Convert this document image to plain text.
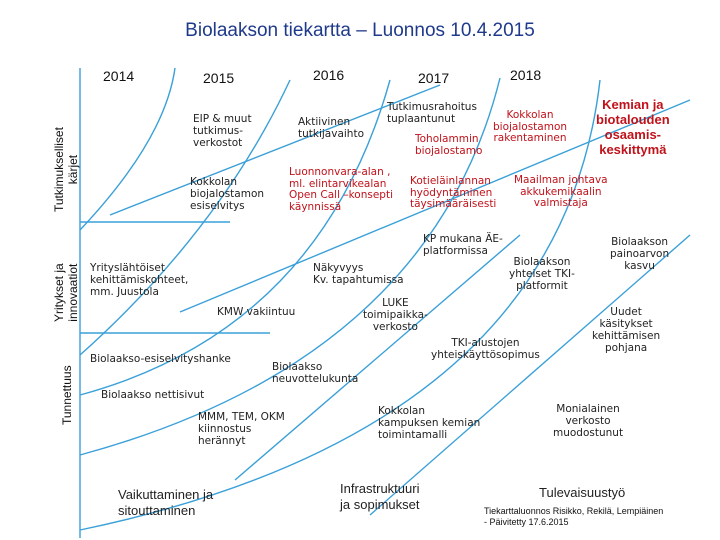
Biolaakson tiekartta – Luonnos 10.4.2015
2014	2015	2016	2017	2018
Tutkimukselliset
kärjet
Yritykset ja
innovaatiot
Tunnettuus
EIP & muut
tutkimus-
verkostot
Aktiivinen
tutkijavaihto
Tutkimusrahoitus
tuplaantunut
Toholammin
biojalostamo
Kokkolan
biojalostamon
rakentaminen
Kemian ja
biotalouden
osaamis-
keskittymä
Kokkolan
biojalostamon
esiselvitys
Luonnonvara-alan ,
ml. elintarvikealan
Open Call –konsepti
käynnissä
Kotieläinlannan
hyödyntäminen
täysimääräisesti
Maailman johtava
akkukemikaalin
valmistaja
Yrityslähtöiset
kehittämiskohteet,
mm. Juustola
Näkyvyys
Kv. tapahtumissa
KP mukana ÄE-
platformissa
Biolaakson
yhteiset TKI-
platformit
Biolaakson
painoarvon
kasvu
LUKE
toimipaikka-
verkosto
KMW vakiintuu	Uudet
käsitykset
kehittämisen
pohjana
TKI-alustojen
yhteiskäyttösopimus
Biolaakso-esiselvityshanke
Biolaakso
neuvottelukunta
Biolaakso nettisivut
MMM, TEM, OKM
kiinnostus
herännyt
Kokkolan
kampuksen kemian
toimintamalli
Monialainen
verkosto
muodostunut
Vaikuttaminen ja
sitouttaminen
Infrastruktuuri
ja sopimukset
Tulevaisuustyö
Tiekarttaluonnos Risikko, Rekilä, Lempiäinen
- Päivitetty 17.6.2015
